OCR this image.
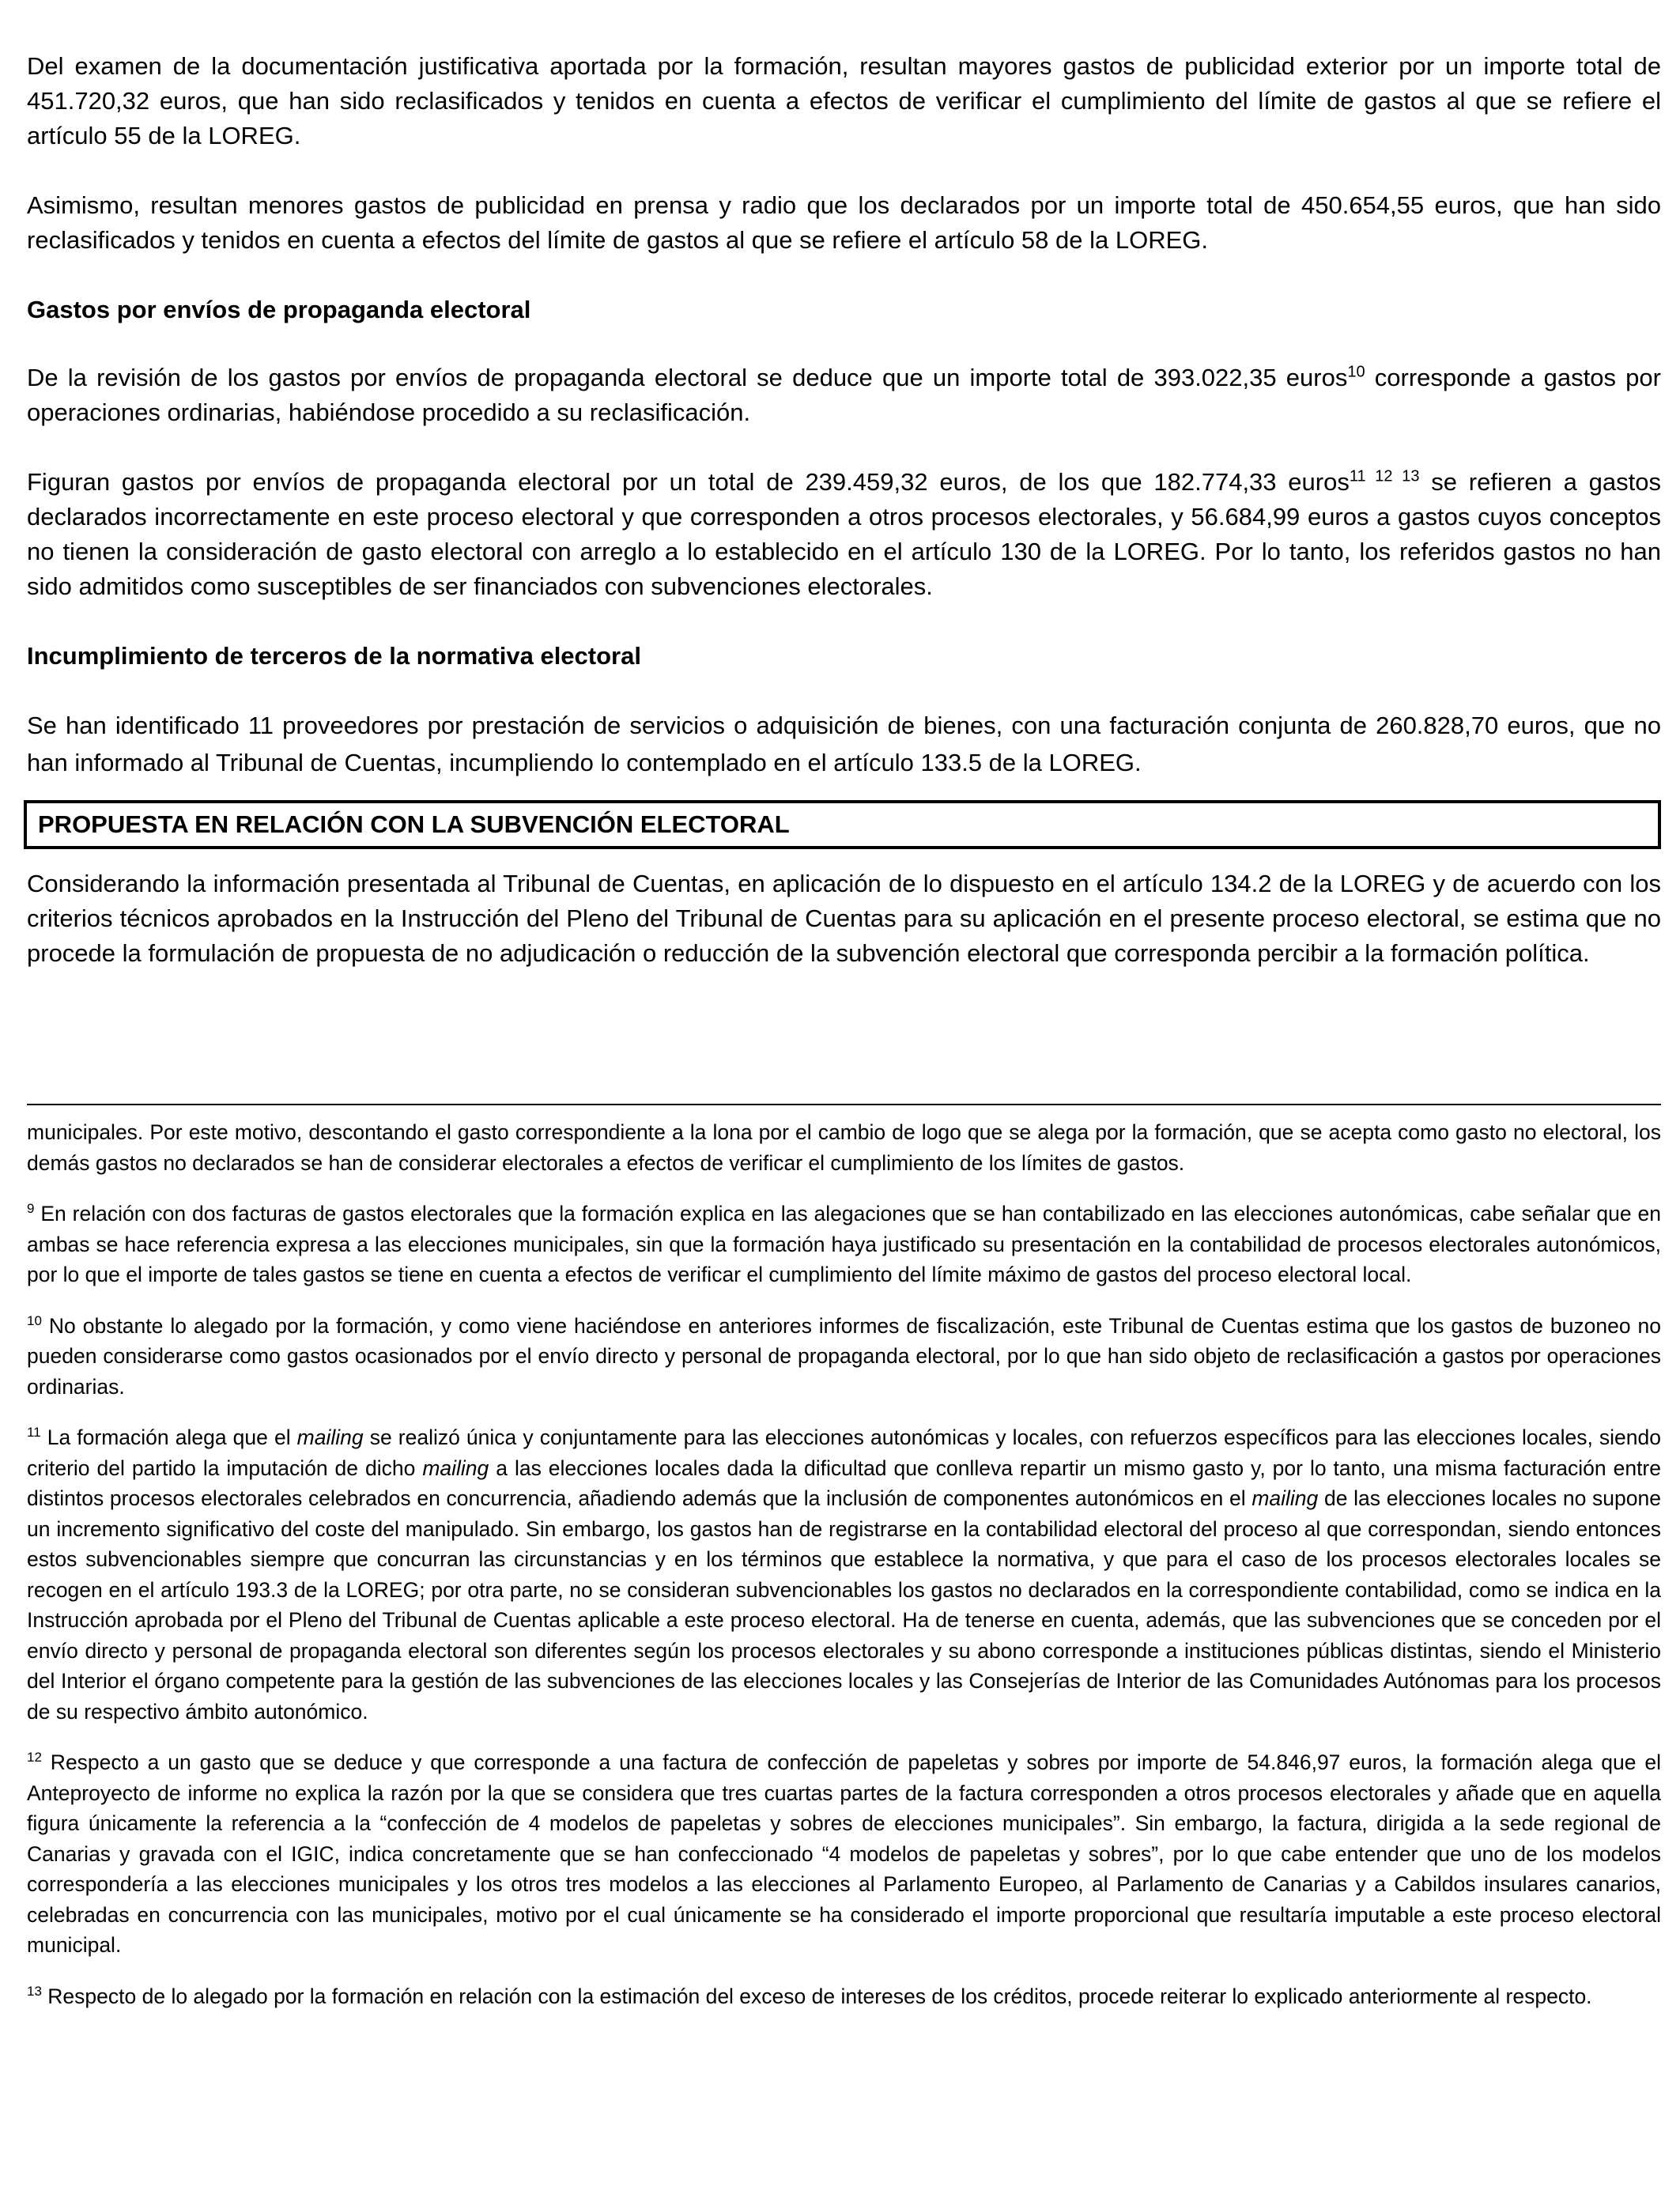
Del examen de la documentación justificativa aportada por la formación, resultan mayores gastos de publicidad exterior por un importe total de 451.720,32 euros, que han sido reclasificados y tenidos en cuenta a efectos de verificar el cumplimiento del límite de gastos al que se refiere el artículo 55 de la LOREG.

Asimismo, resultan menores gastos de publicidad en prensa y radio que los declarados por un importe total de 450.654,55 euros, que han sido reclasificados y tenidos en cuenta a efectos del límite de gastos al que se refiere el artículo 58 de la LOREG.

Gastos por envíos de propaganda electoral

De la revisión de los gastos por envíos de propaganda electoral se deduce que un importe total de 393.022,35 euros$^{10}$ corresponde a gastos por operaciones ordinarias, habiéndose procedido a su reclasificación.

Figuran gastos por envíos de propaganda electoral por un total de 239.459,32 euros, de los que 182.774,33 euros$^{11 12 13}$ se refieren a gastos declarados incorrectamente en este proceso electoral y que corresponden a otros procesos electorales, y 56.684,99 euros a gastos cuyos conceptos no tienen la consideración de gasto electoral con arreglo a lo establecido en el artículo 130 de la LOREG. Por lo tanto, los referidos gastos no han sido admitidos como susceptibles de ser financiados con subvenciones electorales.

Incumplimiento de terceros de la normativa electoral

Se han identificado 11 proveedores por prestación de servicios o adquisición de bienes, con una facturación conjunta de 260.828,70 euros, que no han informado al Tribunal de Cuentas, incumpliendo lo contemplado en el artículo 133.5 de la LOREG.

PROPUESTA EN RELACIÓN CON LA SUBVENCIÓN ELECTORAL

Considerando la información presentada al Tribunal de Cuentas, en aplicación de lo dispuesto en el artículo 134.2 de la LOREG y de acuerdo con los criterios técnicos aprobados en la Instrucción del Pleno del Tribunal de Cuentas para su aplicación en el presente proceso electoral, se estima que no procede la formulación de propuesta de no adjudicación o reducción de la subvención electoral que corresponda percibir a la formación política.

municipales. Por este motivo, descontando el gasto correspondiente a la lona por el cambio de logo que se alega por la formación, que se acepta como gasto no electoral, los demás gastos no declarados se han de considerar electorales a efectos de verificar el cumplimiento de los límites de gastos.

$^9$ En relación con dos facturas de gastos electorales que la formación explica en las alegaciones que se han contabilizado en las elecciones autonómicas, cabe señalar que en ambas se hace referencia expresa a las elecciones municipales, sin que la formación haya justificado su presentación en la contabilidad de procesos electorales autonómicos, por lo que el importe de tales gastos se tiene en cuenta a efectos de verificar el cumplimiento del límite máximo de gastos del proceso electoral local.

$^{10}$ No obstante lo alegado por la formación, y como viene haciéndose en anteriores informes de fiscalización, este Tribunal de Cuentas estima que los gastos de buzoneo no pueden considerarse como gastos ocasionados por el envío directo y personal de propaganda electoral, por lo que han sido objeto de reclasificación a gastos por operaciones ordinarias.

$^{11}$ La formación alega que el mailing se realizó única y conjuntamente para las elecciones autonómicas y locales, con refuerzos específicos para las elecciones locales, siendo criterio del partido la imputación de dicho mailing a las elecciones locales dada la dificultad que conlleva repartir un mismo gasto y, por lo tanto, una misma facturación entre distintos procesos electorales celebrados en concurrencia, añadiendo además que la inclusión de componentes autonómicos en el mailing de las elecciones locales no supone un incremento significativo del coste del manipulado. Sin embargo, los gastos han de registrarse en la contabilidad electoral del proceso al que correspondan, siendo entonces estos subvencionables siempre que concurran las circunstancias y en los términos que establece la normativa, y que para el caso de los procesos electorales locales se recogen en el artículo 193.3 de la LOREG; por otra parte, no se consideran subvencionables los gastos no declarados en la correspondiente contabilidad, como se indica en la Instrucción aprobada por el Pleno del Tribunal de Cuentas aplicable a este proceso electoral. Ha de tenerse en cuenta, además, que las subvenciones que se conceden por el envío directo y personal de propaganda electoral son diferentes según los procesos electorales y su abono corresponde a instituciones públicas distintas, siendo el Ministerio del Interior el órgano competente para la gestión de las subvenciones de las elecciones locales y las Consejerías de Interior de las Comunidades Autónomas para los procesos de su respectivo ámbito autonómico.

$^{12}$ Respecto a un gasto que se deduce y que corresponde a una factura de confección de papeletas y sobres por importe de 54.846,97 euros, la formación alega que el Anteproyecto de informe no explica la razón por la que se considera que tres cuartas partes de la factura corresponden a otros procesos electorales y añade que en aquella figura únicamente la referencia a la “confección de 4 modelos de papeletas y sobres de elecciones municipales”. Sin embargo, la factura, dirigida a la sede regional de Canarias y gravada con el IGIC, indica concretamente que se han confeccionado “4 modelos de papeletas y sobres”, por lo que cabe entender que uno de los modelos correspondería a las elecciones municipales y los otros tres modelos a las elecciones al Parlamento Europeo, al Parlamento de Canarias y a Cabildos insulares canarios, celebradas en concurrencia con las municipales, motivo por el cual únicamente se ha considerado el importe proporcional que resultaría imputable a este proceso electoral municipal.

$^{13}$ Respecto de lo alegado por la formación en relación con la estimación del exceso de intereses de los créditos, procede reiterar lo explicado anteriormente al respecto.
